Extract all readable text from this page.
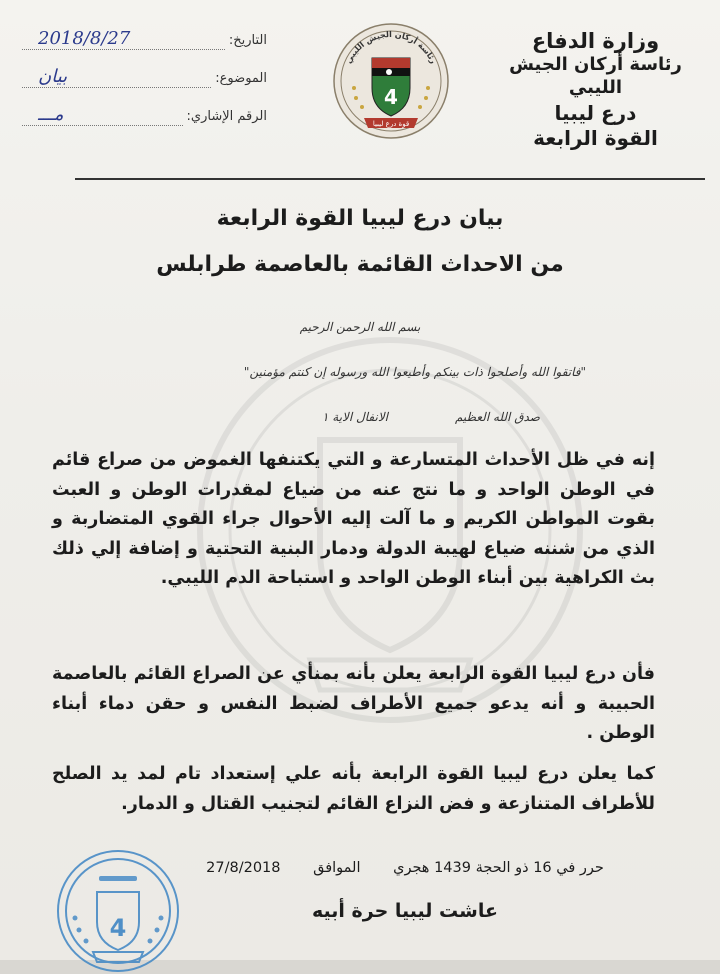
وزارة الدفاع
رئاسة أركان الجيش الليبي
درع ليبيا
القوة الرابعة
التاريخ:
2018/8/27
الموضوع:
بيان
الرقم الإشاري:
مـــ
رئاسة أركان الجيش الليبي
4
قوة درع ليبيا
بيان درع ليبيا القوة الرابعة
من الاحداث القائمة بالعاصمة طرابلس
بسم الله الرحمن الرحيم
"فاتقوا الله وأصلحوا ذات بينكم وأطيعوا الله ورسوله إن كنتم مؤمنين"
صدق الله العظيم
الانفال الاية ١
إنه في ظل الأحداث المتسارعة و التي يكتنفها الغموض من صراع قائم في الوطن الواحد و ما نتج عنه من ضياع لمقدرات الوطن و العبث بقوت المواطن الكريم و ما آلت إليه الأحوال جراء القوي المتضاربة و الذي من شننه ضياع لهيبة الدولة ودمار البنية التحتية و إضافة إلي ذلك بث الكراهية بين أبناء الوطن الواحد و استباحة الدم الليبي.
فأن درع ليبيا القوة الرابعة يعلن بأنه بمنأي عن الصراع القائم بالعاصمة الحبيبة و أنه يدعو جميع الأطراف لضبط النفس و حقن دماء أبناء الوطن .
كما يعلن درع ليبيا القوة الرابعة بأنه علي إستعداد تام لمد يد الصلح للأطراف المتنازعة و فض النزاع القائم لتجنيب القتال و الدمار.
حرر في 16 ذو الحجة 1439 هجري الموافق 27/8/2018
عاشت ليبيا حرة أبيه
4
